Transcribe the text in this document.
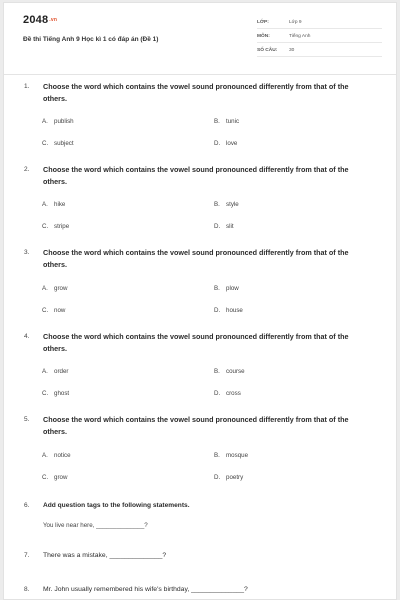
2048.vn
Đề thi Tiếng Anh 9 Học kì 1 có đáp án (Đề 1)
LỚP:	Lớp 9
MÔN:	Tiếng Anh
SỐ CÂU: 30
1. Choose the word which contains the vowel sound pronounced differently from that of the others.
A. publish	B. tunic
C. subject	D. love
2. Choose the word which contains the vowel sound pronounced differently from that of the others.
A. hike	B. style
C. stripe	D. slit
3. Choose the word which contains the vowel sound pronounced differently from that of the others.
A. grow	B. plow
C. now	D. house
4. Choose the word which contains the vowel sound pronounced differently from that of the others.
A. order	B. course
C. ghost	D. cross
5. Choose the word which contains the vowel sound pronounced differently from that of the others.
A. notice	B. mosque
C. grow	D. poetry
6. Add question tags to the following statements.
You live near here, ______________?
7. There was a mistake, ______________?
8. Mr. John usually remembered his wife's birthday, ______________?
